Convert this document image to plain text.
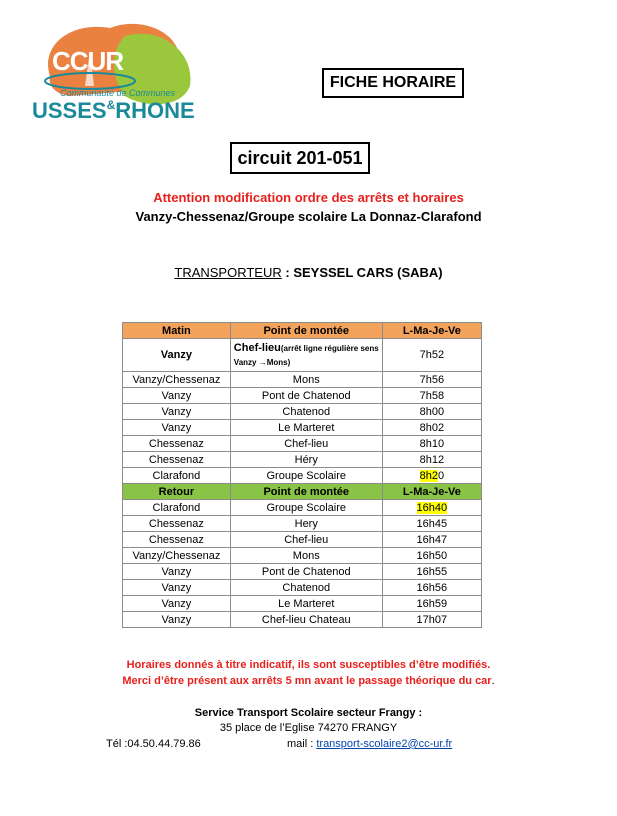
CCUR
Communauté de Communes
USSES&RHONE
FICHE HORAIRE
circuit 201-051
Attention modification ordre des arrêts et horaires
Vanzy-Chessenaz/Groupe scolaire La Donnaz-Clarafond
TRANSPORTEUR : SEYSSEL CARS (SABA)
Matin	Point de montée	L-Ma-Je-Ve
Vanzy	Chef-lieu(arrêt ligne régulière sens Vanzy →Mons)	7h52
Vanzy/Chessenaz	Mons	7h56
Vanzy	Pont de Chatenod	7h58
Vanzy	Chatenod	8h00
Vanzy	Le Marteret	8h02
Chessenaz	Chef-lieu	8h10
Chessenaz	Héry	8h12
Clarafond	Groupe Scolaire	8h20
Retour	Point de montée	L-Ma-Je-Ve
Clarafond	Groupe Scolaire	16h40
Chessenaz	Hery	16h45
Chessenaz	Chef-lieu	16h47
Vanzy/Chessenaz	Mons	16h50
Vanzy	Pont de Chatenod	16h55
Vanzy	Chatenod	16h56
Vanzy	Le Marteret	16h59
Vanzy	Chef-lieu Chateau	17h07
Horaires donnés à titre indicatif, ils sont susceptibles d’être modifiés.
Merci d’être présent aux arrêts 5 mn avant le passage théorique du car.
Service Transport Scolaire secteur Frangy :
35 place de l’Eglise 74270 FRANGY
Tél :04.50.44.79.86	mail : transport-scolaire2@cc-ur.fr
